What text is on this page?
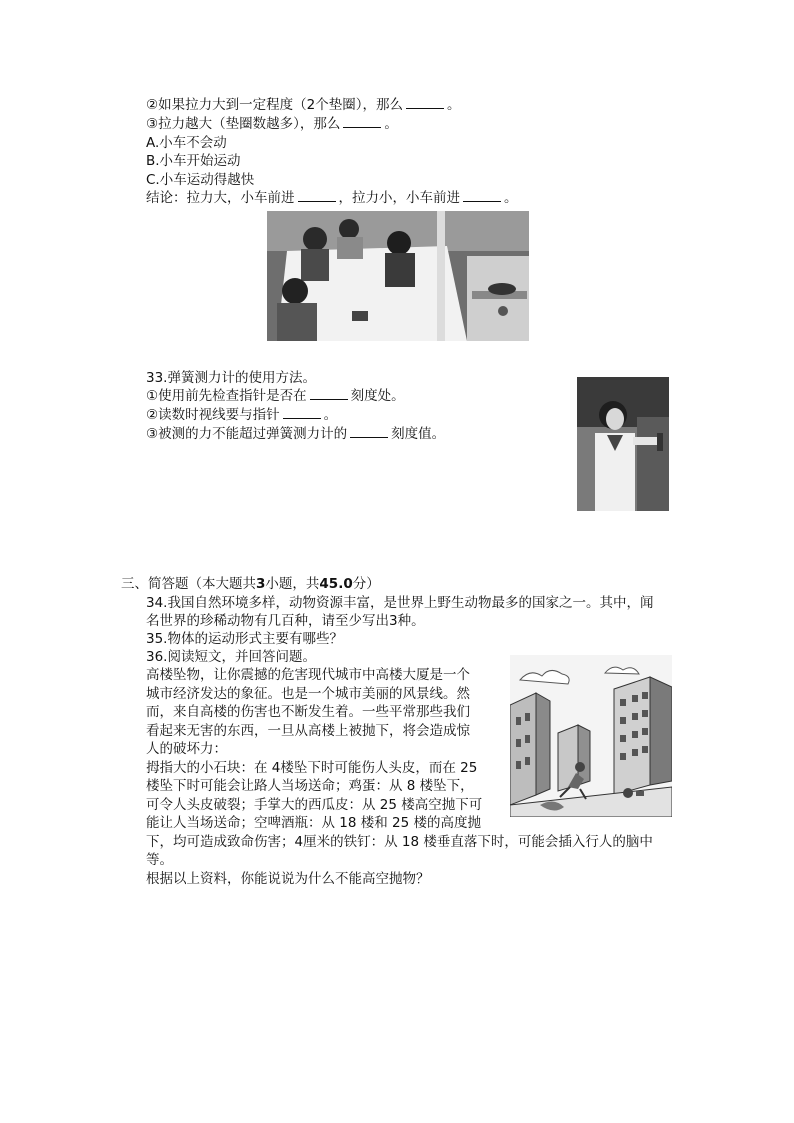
②如果拉力大到一定程度（2个垫圈），那么	。
③拉力越大（垫圈数越多），那么	。
A.小车不会动
B.小车开始运动
C.小车运动得越快
结论：拉力大，小车前进	，拉力小，小车前进	。
33.弹簧测力计的使用方法。
①使用前先检查指针是否在	刻度处。
②读数时视线要与指针	。
③被测的力不能超过弹簧测力计的	刻度值。
三、简答题（本大题共3小题，共45.0分）
34.我国自然环境多样，动物资源丰富，是世界上野生动物最多的国家之一。其中，闻
名世界的珍稀动物有几百种，请至少写出3种。
35.物体的运动形式主要有哪些？
36.阅读短文，并回答问题。
高楼坠物，让你震撼的危害现代城市中高楼大厦是一个
城市经济发达的象征。也是一个城市美丽的风景线。然
而，来自高楼的伤害也不断发生着。一些平常那些我们
看起来无害的东西，一旦从高楼上被抛下，将会造成惊
人的破坏力：
拇指大的小石块：在 4楼坠下时可能伤人头皮，而在 25
楼坠下时可能会让路人当场送命；鸡蛋：从 8 楼坠下，
可令人头皮破裂；手掌大的西瓜皮：从 25 楼高空抛下可
能让人当场送命；空啤酒瓶：从 18 楼和 25 楼的高度抛
下，均可造成致命伤害；4厘米的铁钉：从 18 楼垂直落下时，可能会插入行人的脑中
等。
根据以上资料，你能说说为什么不能高空抛物？
